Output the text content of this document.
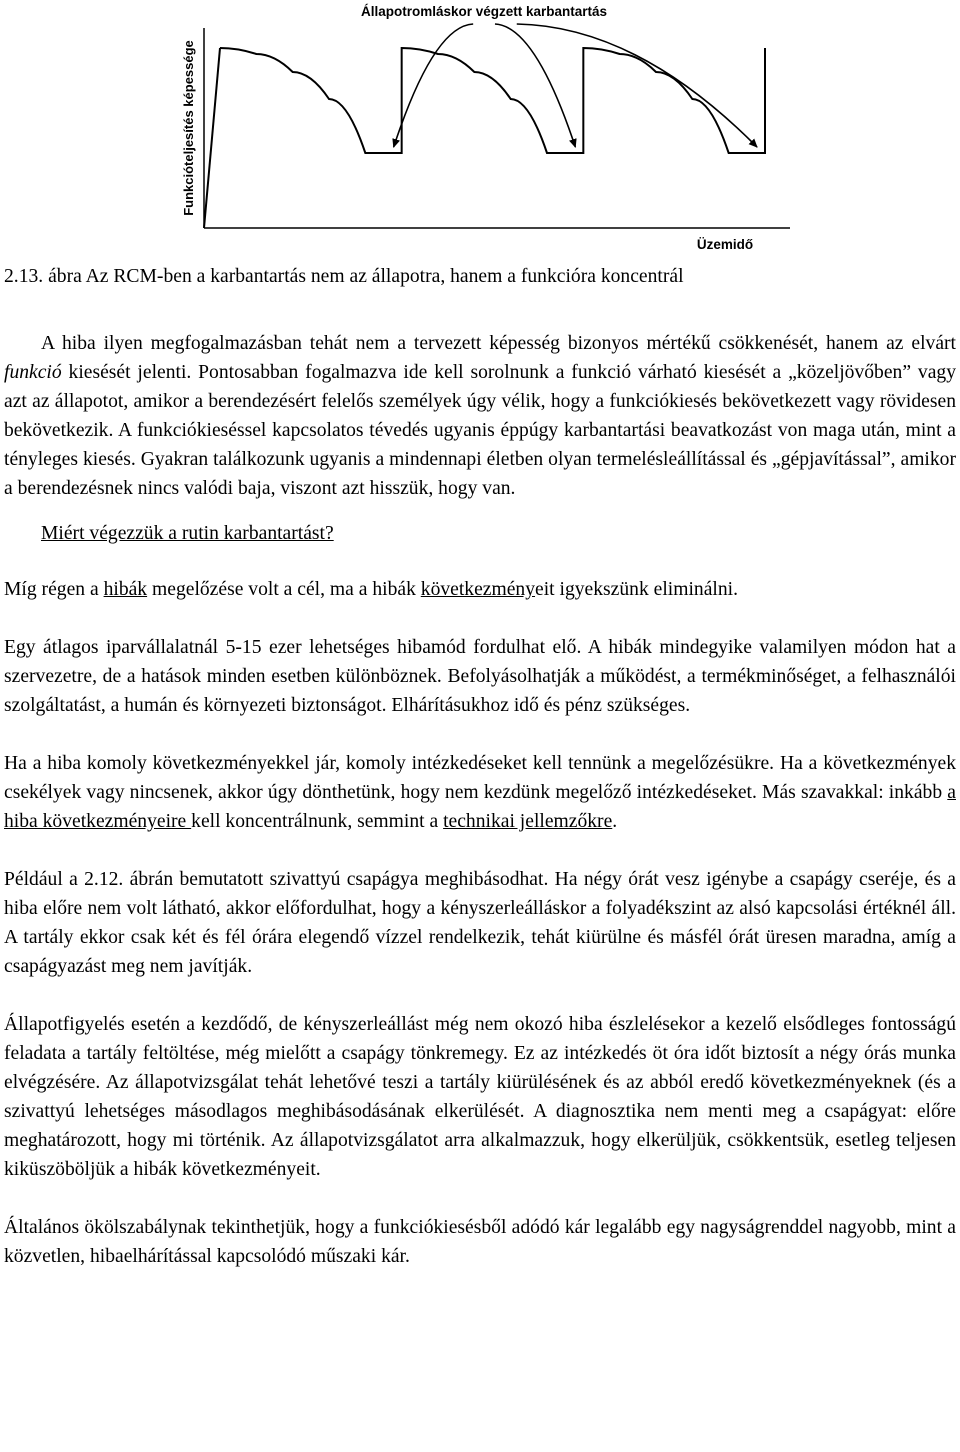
Állapotromláskor végzett karbantartás
Funkcióteljesítés képessége
Üzemidő

2.13. ábra Az RCM-ben a karbantartás nem az állapotra, hanem a funkcióra koncentrál

A hiba ilyen megfogalmazásban tehát nem a tervezett képesség bizonyos mértékű csökkenését, hanem az elvárt funkció kiesését jelenti. Pontosabban fogalmazva ide kell sorolnunk a funkció várható kiesését a „közeljövőben” vagy azt az állapotot, amikor a berendezésért felelős személyek úgy vélik, hogy a funkciókiesés bekövetkezett vagy rövidesen bekövetkezik. A funkciókieséssel kapcsolatos tévedés ugyanis éppúgy karbantartási beavatkozást von maga után, mint a tényleges kiesés. Gyakran találkozunk ugyanis a mindennapi életben olyan termelésleállítással és „gépjavítással”, amikor a berendezésnek nincs valódi baja, viszont azt hisszük, hogy van.

Miért végezzük a rutin karbantartást?

Míg régen a hibák megelőzése volt a cél, ma a hibák következményeit igyekszünk eliminálni.

Egy átlagos iparvállalatnál 5-15 ezer lehetséges hibamód fordulhat elő. A hibák mindegyike valamilyen módon hat a szervezetre, de a hatások minden esetben különböznek. Befolyásolhatják a működést, a termékminőséget, a felhasználói szolgáltatást, a humán és környezeti biztonságot. Elhárításukhoz idő és pénz szükséges.

Ha a hiba komoly következményekkel jár, komoly intézkedéseket kell tennünk a megelőzésükre. Ha a következmények csekélyek vagy nincsenek, akkor úgy dönthetünk, hogy nem kezdünk megelőző intézkedéseket. Más szavakkal: inkább a hiba következményeire kell koncentrálnunk, semmint a technikai jellemzőkre.

Például a 2.12. ábrán bemutatott szivattyú csapágya meghibásodhat. Ha négy órát vesz igénybe a csapágy cseréje, és a hiba előre nem volt látható, akkor előfordulhat, hogy a kényszerleálláskor a folyadékszint az alsó kapcsolási értéknél áll. A tartály ekkor csak két és fél órára elegendő vízzel rendelkezik, tehát kiürülne és másfél órát üresen maradna, amíg a csapágyazást meg nem javítják.

Állapotfigyelés esetén a kezdődő, de kényszerleállást még nem okozó hiba észlelésekor a kezelő elsődleges fontosságú feladata a tartály feltöltése, még mielőtt a csapágy tönkremegy. Ez az intézkedés öt óra időt biztosít a négy órás munka elvégzésére. Az állapotvizsgálat tehát lehetővé teszi a tartály kiürülésének és az abból eredő következményeknek (és a szivattyú lehetséges másodlagos meghibásodásának elkerülését. A diagnosztika nem menti meg a csapágyat: előre meghatározott, hogy mi történik. Az állapotvizsgálatot arra alkalmazzuk, hogy elkerüljük, csökkentsük, esetleg teljesen kiküszöböljük a hibák következményeit.

Általános ökölszabálynak tekinthetjük, hogy a funkciókiesésből adódó kár legalább egy nagyságrenddel nagyobb, mint a közvetlen, hibaelhárítással kapcsolódó műszaki kár.
